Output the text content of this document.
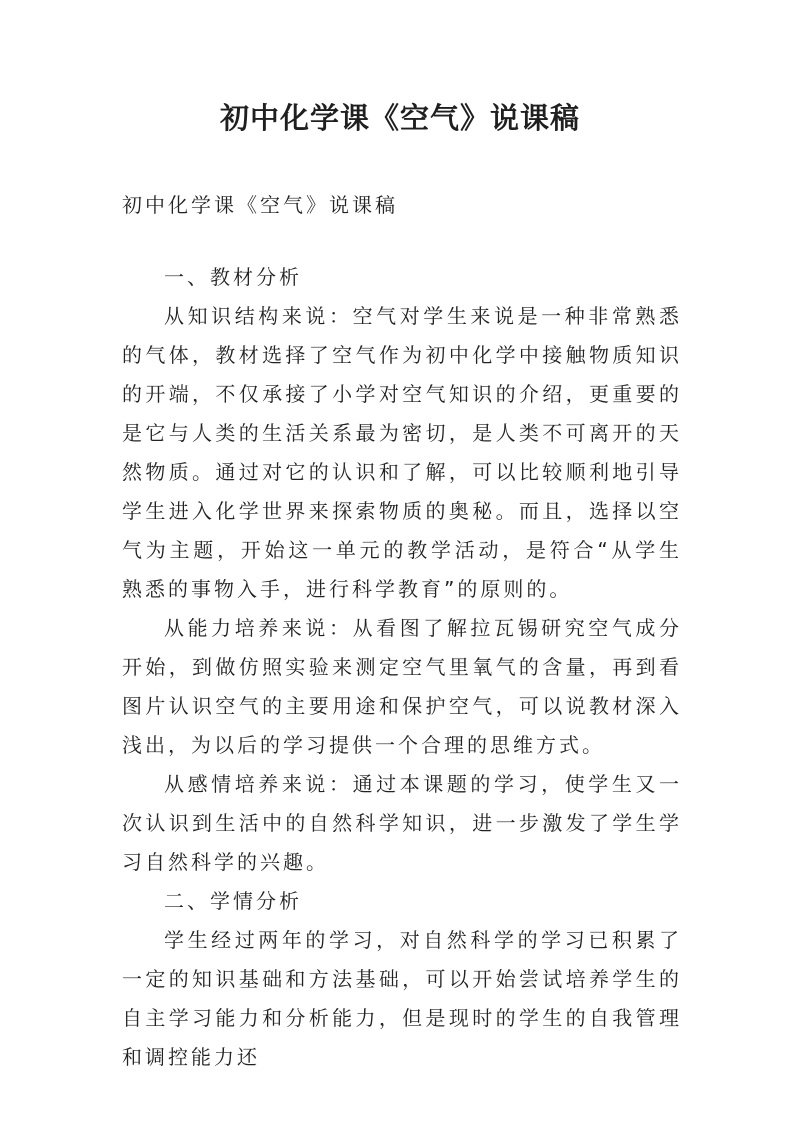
初中化学课《空气》说课稿
初中化学课《空气》说课稿

一、教材分析

从知识结构来说：空气对学生来说是一种非常熟悉的气体，教材选择了空气作为初中化学中接触物质知识的开端，不仅承接了小学对空气知识的介绍，更重要的是它与人类的生活关系最为密切，是人类不可离开的天然物质。通过对它的认识和了解，可以比较顺利地引导学生进入化学世界来探索物质的奥秘。而且，选择以空气为主题，开始这一单元的教学活动，是符合“从学生熟悉的事物入手，进行科学教育”的原则的。

从能力培养来说：从看图了解拉瓦锡研究空气成分开始，到做仿照实验来测定空气里氧气的含量，再到看图片认识空气的主要用途和保护空气，可以说教材深入浅出，为以后的学习提供一个合理的思维方式。

从感情培养来说：通过本课题的学习，使学生又一次认识到生活中的自然科学知识，进一步激发了学生学习自然科学的兴趣。

二、学情分析

学生经过两年的学习，对自然科学的学习已积累了一定的知识基础和方法基础，可以开始尝试培养学生的自主学习能力和分析能力，但是现时的学生的自我管理和调控能力还
